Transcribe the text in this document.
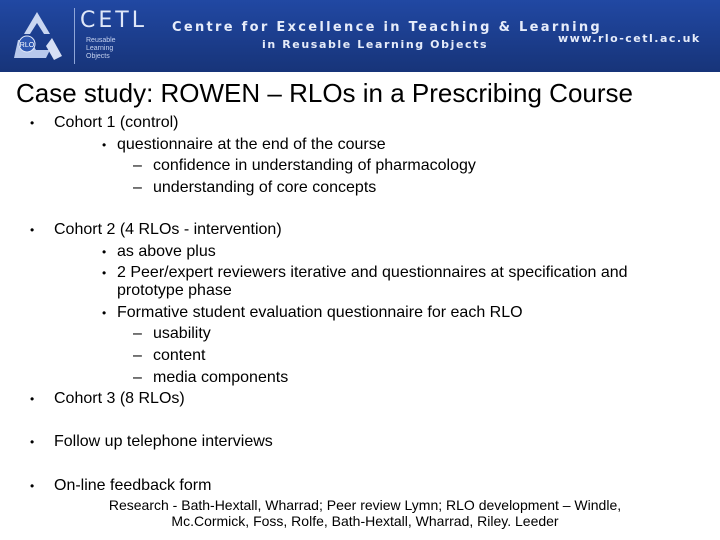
RLO
CETL
Reusable
Learning
Objects
Centre for Excellence in Teaching & Learning
in Reusable Learning Objects	www.rlo-cetl.ac.uk
Case study: ROWEN – RLOs in a Prescribing Course
• Cohort 1 (control)
• questionnaire at the end of the course
– confidence in understanding of pharmacology
– understanding of core concepts
• Cohort 2 (4 RLOs - intervention)
• as above plus
• 2 Peer/expert reviewers iterative and questionnaires at specification and
prototype phase
• Formative student evaluation questionnaire for each RLO
– usability
– content
– media components
• Cohort 3 (8 RLOs)
• Follow up telephone interviews
• On-line feedback form
Research - Bath-Hextall, Wharrad; Peer review Lymn; RLO development – Windle,
Mc.Cormick, Foss, Rolfe, Bath-Hextall, Wharrad, Riley. Leeder
